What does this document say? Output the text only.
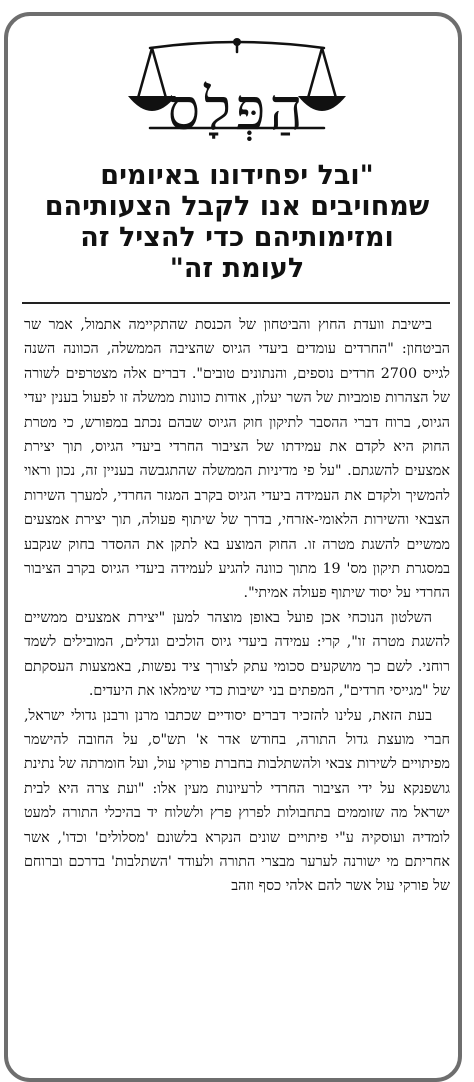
הַפְּלָס
"ובל יפחידונו באיומים שמחויבים אנו לקבל הצעותיהם ומזימותיהם כדי להציל זה לעומת זה"

בישיבת וועדת החוץ והביטחון של הכנסת שהתקיימה אתמול, אמר שר הביטחון: "החרדים עומדים ביעדי הגיוס שהציבה הממשלה, הכוונה השנה לגייס 2700 חרדים נוספים, והנתונים טובים". דברים אלה מצטרפים לשורה של הצהרות פומביות של השר יעלון, אודות כוונות ממשלה זו לפעול בענין יעדי הגיוס, ברוח דברי ההסבר לתיקון חוק הגיוס שבהם נכתב במפורש, כי מטרת החוק היא לקדם את עמידתו של הציבור החרדי ביעדי הגיוס, תוך יצירת אמצעים להשגתם. "על פי מדיניות הממשלה שהתגבשה בעניין זה, נכון וראוי להמשיך ולקדם את העמידה ביעדי הגיוס בקרב המגזר החרדי, למערך השירות הצבאי והשירות הלאומי-אזרחי, בדרך של שיתוף פעולה, תוך יצירת אמצעים ממשיים להשגת מטרה זו. החוק המוצע בא לתקן את ההסדר בחוק שנקבע במסגרת תיקון מס' 19 מתוך כוונה להגיע לעמידה ביעדי הגיוס בקרב הציבור החרדי על יסוד שיתוף פעולה אמיתי".

השלטון הנוכחי אכן פועל באופן מוצהר למען "יצירת אמצעים ממשיים להשגת מטרה זו", קרי: עמידה ביעדי גיוס הולכים וגדלים, המובילים לשמד רוחני. לשם כך מושקעים סכומי עתק לצורך ציד נפשות, באמצעות העסקתם של "מגייסי חרדים", המפתים בני ישיבות כדי שימלאו את היעדים.

בעת הזאת, עלינו להזכיר דברים יסודיים שכתבו מרנן ורבנן גדולי ישראל, חברי מועצת גדול התורה, בחודש אדר א' תש"ס, על החובה להישמר מפיתויים לשירות צבאי ולהשתלבות בחברת פורקי עול, ועל חומרתה של נתינת גושפנקא על ידי הציבור החרדי לרעיונות מעין אלו: "ועת צרה היא לבית ישראל מה שזוממים בתחבולות לפרוץ פרץ ולשלוח יד בהיכלי התורה למעט לומדיה ועוסקיה ע"י פיתויים שונים הנקרא בלשונם 'מסלולים' וכדו', אשר אחריתם מי ישורנה לערער מבצרי התורה ולעודד 'השתלבות' בדרכם וברוחם של פורקי עול אשר להם אלהי כסף וזהב
